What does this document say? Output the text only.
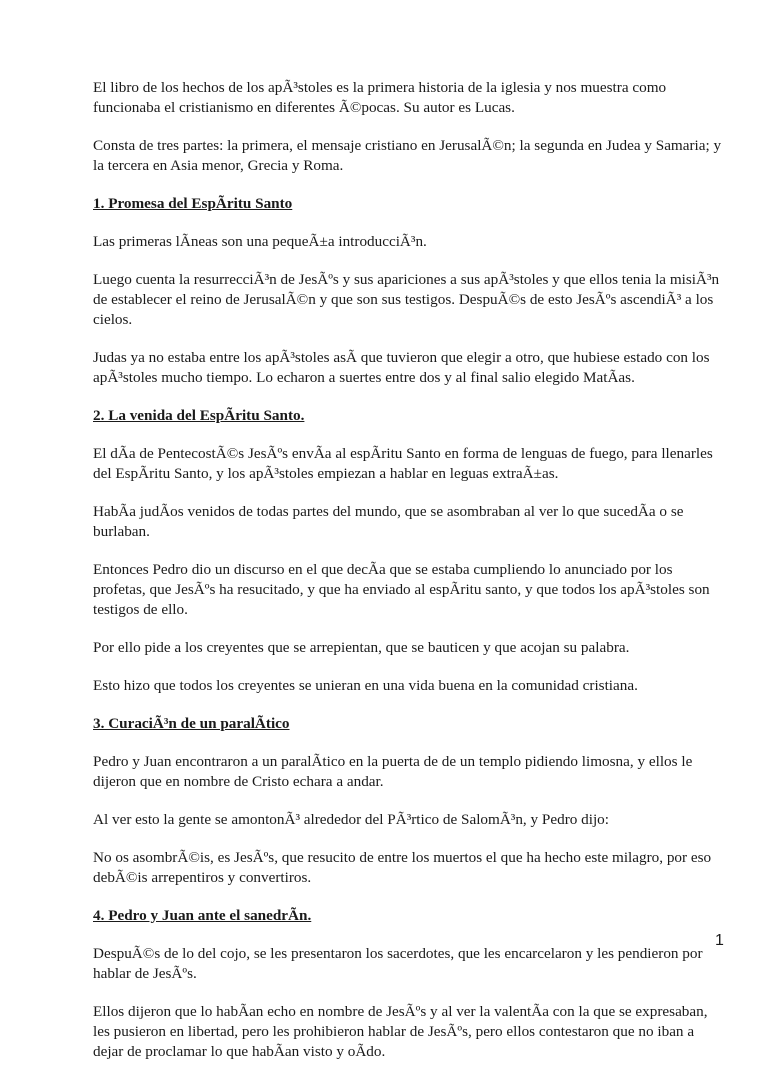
El libro de los hechos de los apÃ³stoles es la primera historia de la iglesia y nos muestra como funcionaba el cristianismo en diferentes Ã©pocas. Su autor es Lucas.

Consta de tres partes: la primera, el mensaje cristiano en JerusalÃ©n; la segunda en Judea y Samaria; y la tercera en Asia menor, Grecia y Roma.

1. Promesa del EspÃritu Santo

Las primeras lÃneas son una pequeÃ±a introducciÃ³n.

Luego cuenta la resurrecciÃ³n de JesÃºs y sus apariciones a sus apÃ³stoles y que ellos tenia la misiÃ³n de establecer el reino de JerusalÃ©n y que son sus testigos. DespuÃ©s de esto JesÃºs ascendiÃ³ a los cielos.

Judas ya no estaba entre los apÃ³stoles asÃ que tuvieron que elegir a otro, que hubiese estado con los apÃ³stoles mucho tiempo. Lo echaron a suertes entre dos y al final salio elegido MatÃas.

2. La venida del EspÃritu Santo.

El dÃa de PentecostÃ©s JesÃºs envÃa al espÃritu Santo en forma de lenguas de fuego, para llenarles del EspÃritu Santo, y los apÃ³stoles empiezan a hablar en leguas extraÃ±as.

HabÃa judÃos venidos de todas partes del mundo, que se asombraban al ver lo que sucedÃa o se burlaban.

Entonces Pedro dio un discurso en el que decÃa que se estaba cumpliendo lo anunciado por los profetas, que JesÃºs ha resucitado, y que ha enviado al espÃritu santo, y que todos los apÃ³stoles son testigos de ello.

Por ello pide a los creyentes que se arrepientan, que se bauticen y que acojan su palabra.

Esto hizo que todos los creyentes se unieran en una vida buena en la comunidad cristiana.

3. CuraciÃ³n de un paralÃtico

Pedro y Juan encontraron a un paralÃtico en la puerta de de un templo pidiendo limosna, y ellos le dijeron que en nombre de Cristo echara a andar.

Al ver esto la gente se amontonÃ³ alrededor del PÃ³rtico de SalomÃ³n, y Pedro dijo:

No os asombrÃ©is, es JesÃºs, que resucito de entre los muertos el que ha hecho este milagro, por eso debÃ©is arrepentiros y convertiros.

4. Pedro y Juan ante el sanedrÃn.

DespuÃ©s de lo del cojo, se les presentaron los sacerdotes, que les encarcelaron y les pendieron por hablar de JesÃºs.

Ellos dijeron que lo habÃan echo en nombre de JesÃºs y al ver la valentÃa con la que se expresaban, les pusieron en libertad, pero les prohibieron hablar de JesÃºs, pero ellos contestaron que no iban a dejar de proclamar lo que habÃan visto y oÃdo.

1
